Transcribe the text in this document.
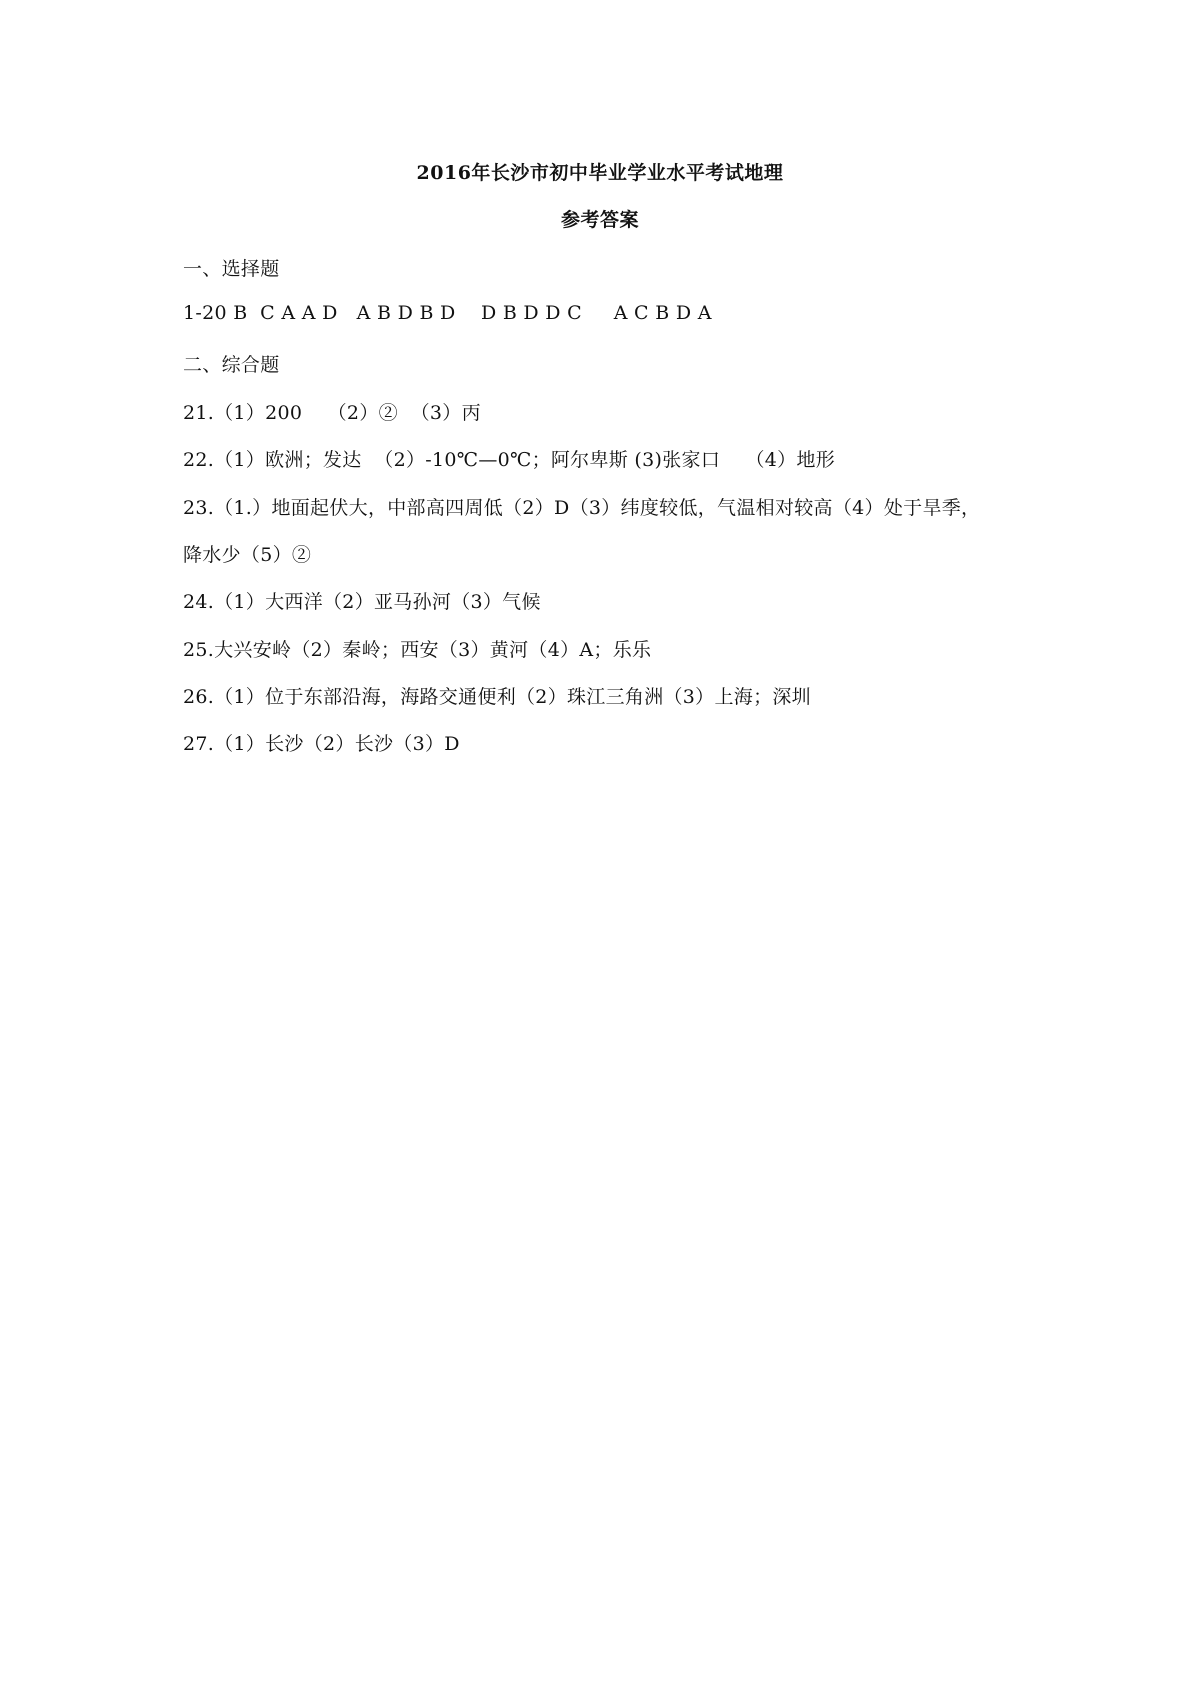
2016年长沙市初中毕业学业水平考试地理
参考答案
一、选择题
1-20 B  C A A D   A B D B D    D B D D C     A C B D A
二、综合题
21.（1）200    （2）②  （3）丙
22.（1）欧洲；发达  （2）-10℃—0℃；阿尔卑斯 (3)张家口    （4）地形
23.（1.）地面起伏大，中部高四周低（2）D（3）纬度较低，气温相对较高（4）处于旱季，
降水少（5）②
24.（1）大西洋（2）亚马孙河（3）气候
25.大兴安岭（2）秦岭；西安（3）黄河（4）A；乐乐
26.（1）位于东部沿海，海路交通便利（2）珠江三角洲（3）上海；深圳
27.（1）长沙（2）长沙（3）D
